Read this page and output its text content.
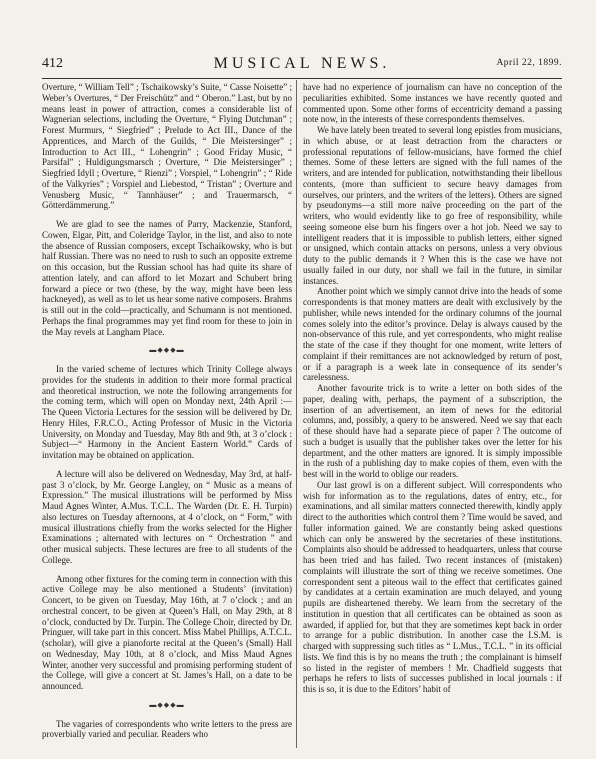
412	MUSICAL NEWS.	April 22, 1899.

Overture, “ William Tell” ; Tschaikowsky’s Suite, “ Casse Noisette” ; Weber’s Overtures, “ Der Freischütz” and “ Oberon.” Last, but by no means least in power of attraction, comes a considerable list of Wagnerian selections, including the Overture, “ Flying Dutchman” ; Forest Murmurs, “ Siegfried” ; Prelude to Act III., Dance of the Apprentices, and March of the Guilds, “ Die Meistersinger” ; Introduction to Act III., “ Lohengrin” ; Good Friday Music, “ Parsifal” ; Huldigungsmarsch ; Overture, “ Die Meistersinger” ; Siegfried Idyll ; Overture, “ Rienzi” ; Vorspiel, “ Lohengrin” ; “ Ride of the Valkyries” ; Vorspiel and Liebestod, “ Tristan” ; Overture and Venusberg Music, “ Tannhäuser” ; and Trauermarsch, “ Götterdämmerung.”

We are glad to see the names of Parry, Mackenzie, Stanford, Cowen, Elgar, Pitt, and Coleridge Taylor, in the list, and also to note the absence of Russian composers, except Tschaikowsky, who is but half Russian. There was no need to rush to such an opposite extreme on this occasion, but the Russian school has had quite its share of attention lately, and can afford to let Mozart and Schubert bring forward a piece or two (these, by the way, might have been less hackneyed), as well as to let us hear some native composers. Brahms is still out in the cold—practically, and Schumann is not mentioned. Perhaps the final programmes may yet find room for these to join in the May revels at Langham Place.

▬◆◆◆▬

In the varied scheme of lectures which Trinity College always provides for the students in addition to their more formal practical and theoretical instruction, we note the following arrangements for the coming term, which will open on Monday next, 24th April :—The Queen Victoria Lectures for the session will be delivered by Dr. Henry Hiles, F.R.C.O., Acting Professor of Music in the Victoria University, on Monday and Tuesday, May 8th and 9th, at 3 o’clock : Subject—“ Harmony in the Ancient Eastern World.” Cards of invitation may be obtained on application.

A lecture will also be delivered on Wednesday, May 3rd, at half-past 3 o’clock, by Mr. George Langley, on “ Music as a means of Expression.” The musical illustrations will be performed by Miss Maud Agnes Winter, A.Mus. T.C.L. The Warden (Dr. E. H. Turpin) also lectures on Tuesday afternoons, at 4 o’clock, on “ Form,” with musical illustrations chiefly from the works selected for the Higher Examinations ; alternated with lectures on “ Orchestration ” and other musical subjects. These lectures are free to all students of the College.

Among other fixtures for the coming term in connection with this active College may be also mentioned a Students’ (invitation) Concert, to be given on Tuesday, May 16th, at 7 o’clock ; and an orchestral concert, to be given at Queen’s Hall, on May 29th, at 8 o’clock, conducted by Dr. Turpin. The College Choir, directed by Dr. Pringuer, will take part in this concert. Miss Mabel Phillips, A.T.C.L. (scholar), will give a pianoforte recital at the Queen’s (Small) Hall on Wednesday, May 10th, at 8 o’clock, and Miss Maud Agnes Winter, another very successful and promising performing student of the College, will give a concert at St. James’s Hall, on a date to be announced.

▬◆◆◆▬

The vagaries of correspondents who write letters to the press are proverbially varied and peculiar. Readers who

have had no experience of journalism can have no conception of the peculiarities exhibited. Some instances we have recently quoted and commented upon. Some other forms of eccentricity demand a passing note now, in the interests of these correspondents themselves.

We have lately been treated to several long epistles from musicians, in which abuse, or at least detraction from the characters or professional reputations of fellow-musicians, have formed the chief themes. Some of these letters are signed with the full names of the writers, and are intended for publication, notwithstanding their libellous contents, (more than sufficient to secure heavy damages from ourselves, our printers, and the writers of the letters). Others are signed by pseudonyms—a still more naïve proceeding on the part of the writers, who would evidently like to go free of responsibility, while seeing someone else burn his fingers over a hot job. Need we say to intelligent readers that it is impossible to publish letters, either signed or unsigned, which contain attacks on persons, unless a very obvious duty to the public demands it ? When this is the case we have not usually failed in our duty, nor shall we fail in the future, in similar instances.

Another point which we simply cannot drive into the heads of some correspondents is that money matters are dealt with exclusively by the publisher, while news intended for the ordinary columns of the journal comes solely into the editor’s province. Delay is always caused by the non-observance of this rule, and yet correspondents, who might realise the state of the case if they thought for one moment, write letters of complaint if their remittances are not acknowledged by return of post, or if a paragraph is a week late in consequence of its sender’s carelessness.

Another favourite trick is to write a letter on both sides of the paper, dealing with, perhaps, the payment of a subscription, the insertion of an advertisement, an item of news for the editorial columns, and, possibly, a query to be answered. Need we say that each of these should have had a separate piece of paper ? The outcome of such a budget is usually that the publisher takes over the letter for his department, and the other matters are ignored. It is simply impossible in the rush of a publishing day to make copies of them, even with the best will in the world to oblige our readers.

Our last growl is on a different subject. Will correspondents who wish for information as to the regulations, dates of entry, etc., for examinations, and all similar matters connected therewith, kindly apply direct to the authorities which control them ? Time would be saved, and fuller information gained. We are constantly being asked questions which can only be answered by the secretaries of these institutions. Complaints also should be addressed to headquarters, unless that course has been tried and has failed. Two recent instances of (mistaken) complaints will illustrate the sort of thing we receive sometimes. One correspondent sent a piteous wail to the effect that certificates gained by candidates at a certain examination are much delayed, and young pupils are disheartened thereby. We learn from the secretary of the institution in question that all certificates can be obtained as soon as awarded, if applied for, but that they are sometimes kept back in order to arrange for a public distribution. In another case the I.S.M. is charged with suppressing such titles as “ L.Mus., T.C.L. ” in its official lists. We find this is by no means the truth ; the complainant is himself so listed in the register of members ! Mr. Chadfield suggests that perhaps he refers to lists of successes published in local journals : if this is so, it is due to the Editors’ habit of
